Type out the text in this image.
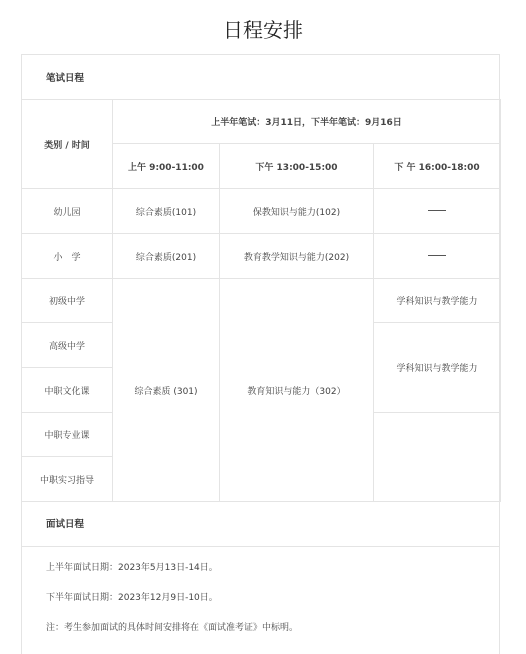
日程安排
笔试日程
类别 / 时间	上半年笔试：3月11日，下半年笔试：9月16日		
	上午 9:00-11:00	下午 13:00-15:00	下 午 16:00-18:00
幼儿园	综合素质(101)	保教知识与能力(102)	
小　学	综合素质(201)	教育教学知识与能力(202)	
初级中学	综合素质 (301)	教育知识与能力（302）	学科知识与教学能力
高级中学			学科知识与教学能力
中职文化课			
中职专业课			
中职实习指导			
面试日程
上半年面试日期：2023年5月13日-14日。
下半年面试日期：2023年12月9日-10日。
注：考生参加面试的具体时间安排将在《面试准考证》中标明。
